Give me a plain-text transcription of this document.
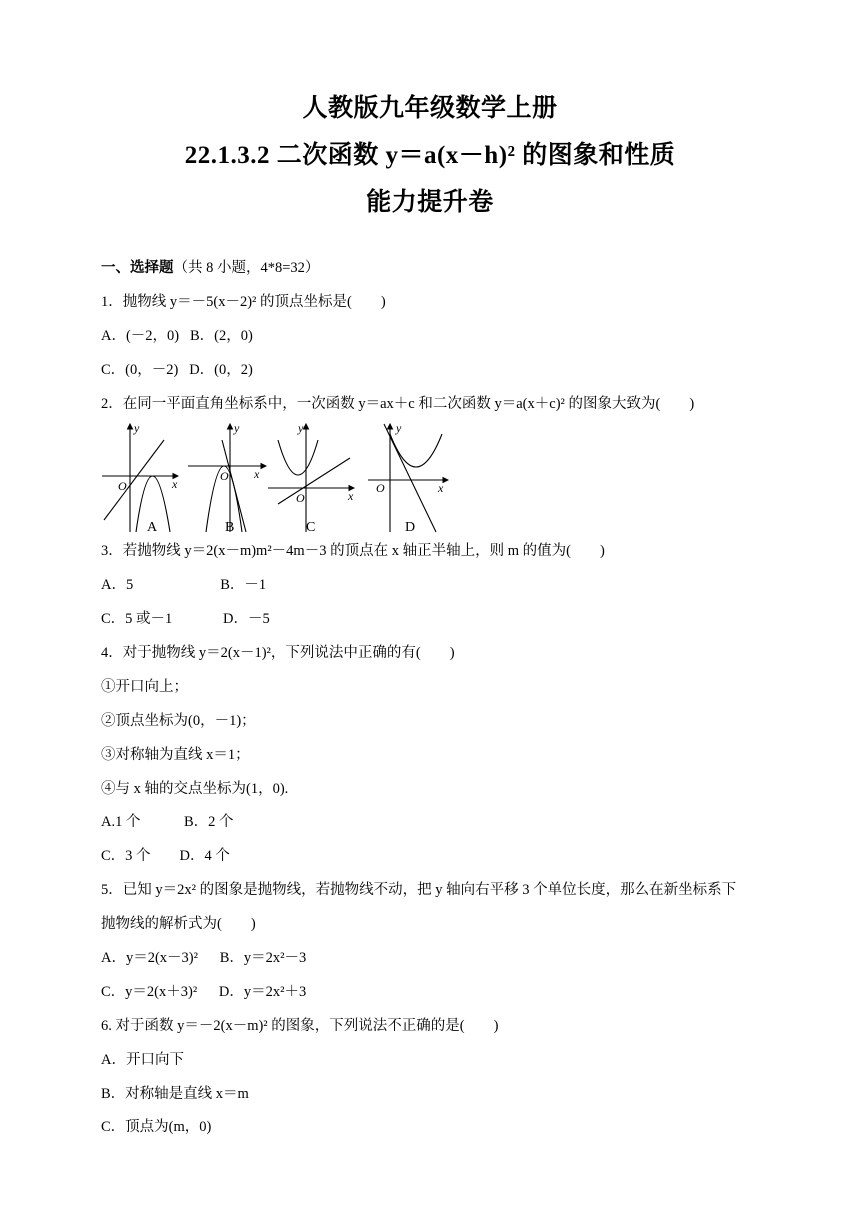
人教版九年级数学上册
22.1.3.2 二次函数 y＝a(x－h)² 的图象和性质
能力提升卷
一、选择题（共 8 小题，4*8=32）
1．抛物线 y＝－5(x－2)² 的顶点坐标是(　　)
A．(－2，0)   B．(2，0)
C．(0，－2)   D．(0，2)
2．在同一平面直角坐标系中，一次函数 y＝ax＋c 和二次函数 y＝a(x＋c)² 的图象大致为(　　)
y
x
O
y
x
O
y
x
O
y
x
O
A	B	C	D
3．若抛物线 y＝2(x－m)m²－4m－3 的顶点在 x 轴正半轴上，则 m 的值为(　　)
A．5                        B．－1
C．5 或－1              D．－5
4．对于抛物线 y＝2(x－1)²，下列说法中正确的有(　　)
①开口向上；
②顶点坐标为(0，－1)；
③对称轴为直线 x＝1；
④与 x 轴的交点坐标为(1，0).
A.1 个            B．2 个
C．3 个        D．4 个
5．已知 y＝2x² 的图象是抛物线，若抛物线不动，把 y 轴向右平移 3 个单位长度，那么在新坐标系下
抛物线的解析式为(　　)
A．y＝2(x－3)²      B．y＝2x²－3
C．y＝2(x＋3)²      D．y＝2x²＋3
6. 对于函数 y＝－2(x－m)² 的图象，下列说法不正确的是(　　)
A．开口向下
B．对称轴是直线 x＝m
C．顶点为(m，0)
